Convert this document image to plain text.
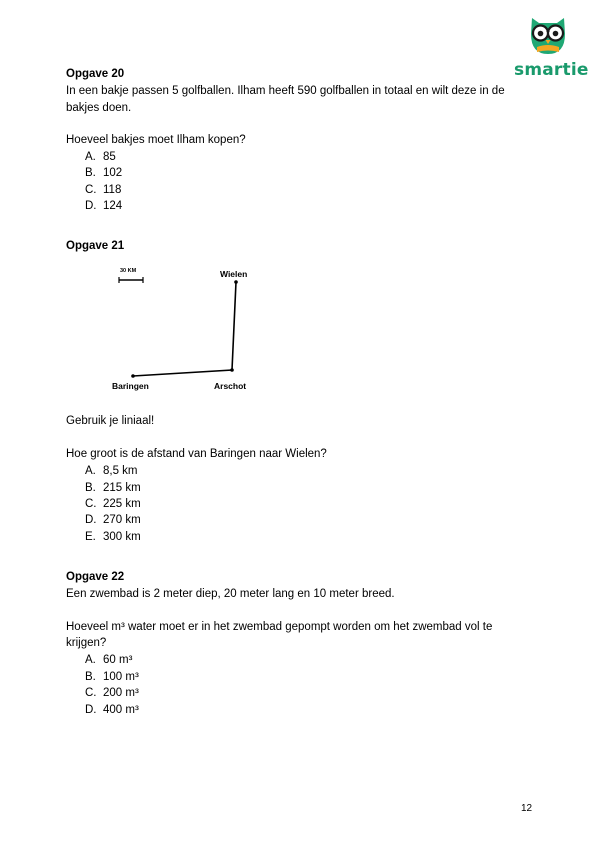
smartie
Opgave 20
In een bakje passen 5 golfballen. Ilham heeft 590 golfballen in totaal en wilt deze in de
bakjes doen.
Hoeveel bakjes moet Ilham kopen?
A. 85
B. 102
C. 118
D. 124
Opgave 21
30 KM	Wielen
Baringen	Arschot
Gebruik je liniaal!
Hoe groot is de afstand van Baringen naar Wielen?
A. 8,5 km
B. 215 km
C. 225 km
D. 270 km
E. 300 km
Opgave 22
Een zwembad is 2 meter diep, 20 meter lang en 10 meter breed.
Hoeveel m³ water moet er in het zwembad gepompt worden om het zwembad vol te
krijgen?
A. 60 m³
B. 100 m³
C. 200 m³
D. 400 m³
12
